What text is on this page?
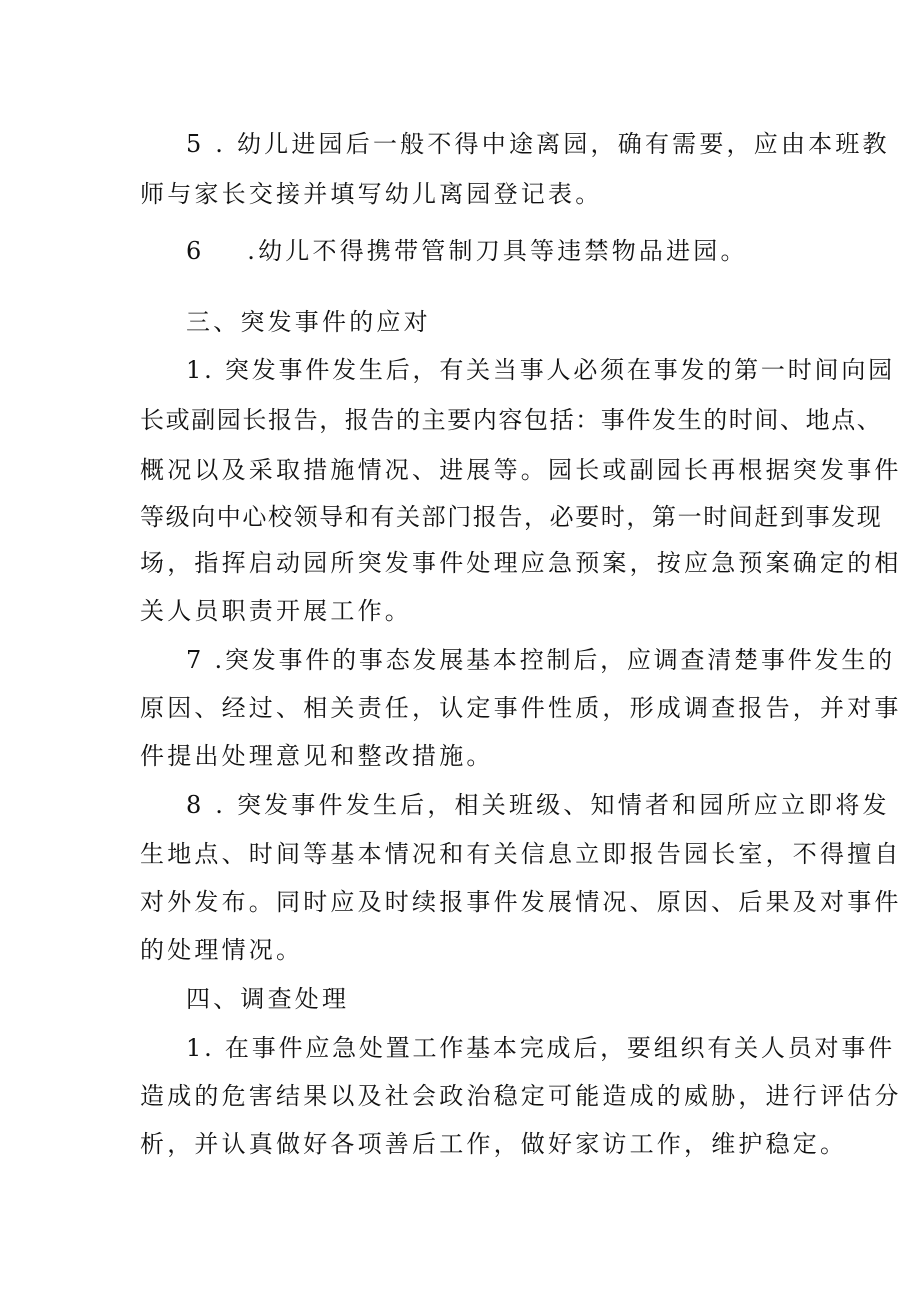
5 . 幼儿进园后一般不得中途离园，确有需要，应由本班教
师与家长交接并填写幼儿离园登记表。
6 .幼儿不得携带管制刀具等违禁物品进园。
三、突发事件的应对
1. 突发事件发生后，有关当事人必须在事发的第一时间向园
长或副园长报告，报告的主要内容包括：事件发生的时间、地点、
概况以及采取措施情况、进展等。园长或副园长再根据突发事件
等级向中心校领导和有关部门报告，必要时，第一时间赶到事发现
场，指挥启动园所突发事件处理应急预案，按应急预案确定的相
关人员职责开展工作。
7 .突发事件的事态发展基本控制后，应调查清楚事件发生的
原因、经过、相关责任，认定事件性质，形成调查报告，并对事
件提出处理意见和整改措施。
8 . 突发事件发生后，相关班级、知情者和园所应立即将发
生地点、时间等基本情况和有关信息立即报告园长室，不得擅自
对外发布。同时应及时续报事件发展情况、原因、后果及对事件
的处理情况。
四、调查处理
1. 在事件应急处置工作基本完成后，要组织有关人员对事件
造成的危害结果以及社会政治稳定可能造成的威胁，进行评估分
析，并认真做好各项善后工作，做好家访工作，维护稳定。
